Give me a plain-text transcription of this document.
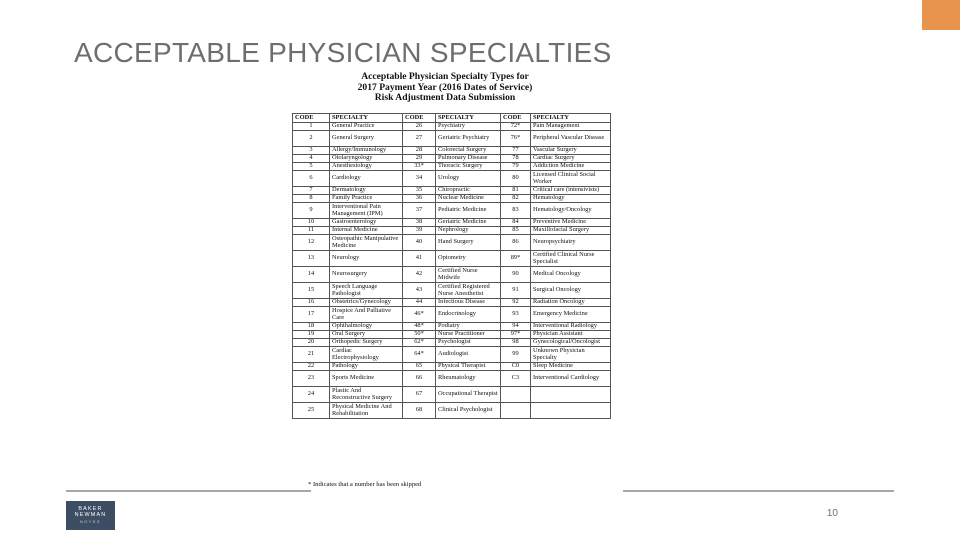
ACCEPTABLE PHYSICIAN SPECIALTIES
Acceptable Physician Specialty Types for
2017 Payment Year (2016 Dates of Service)
Risk Adjustment Data Submission
CODE	SPECIALTY	CODE	SPECIALTY	CODE	SPECIALTY
1	General Practice	26	Psychiatry	72*	Pain Management
2	General Surgery	27	Geriatric Psychiatry	76*	Peripheral Vascular Disease
3	Allergy/Immunology	28	Colorectal Surgery	77	Vascular Surgery
4	Otolaryngology	29	Pulmonary Disease	78	Cardiac Surgery
5	Anesthesiology	33*	Thoracic Surgery	79	Addiction Medicine
6	Cardiology	34	Urology	80	Licensed Clinical Social Worker
7	Dermatology	35	Chiropractic	81	Critical care (intensivists)
8	Family Practice	36	Nuclear Medicine	82	Hematology
9	Interventional Pain Management (IPM)	37	Pediatric Medicine	83	Hematology/Oncology
10	Gastroenterology	38	Geriatric Medicine	84	Preventive Medicine
11	Internal Medicine	39	Nephrology	85	Maxillofacial Surgery
12	Osteopathic Manipulative Medicine	40	Hand Surgery	86	Neuropsychiatry
13	Neurology	41	Optometry	89*	Certified Clinical Nurse Specialist
14	Neurosurgery	42	Certified Nurse Midwife	90	Medical Oncology
15	Speech Language Pathologist	43	Certified Registered Nurse Anesthetist	91	Surgical Oncology
16	Obstetrics/Gynecology	44	Infectious Disease	92	Radiation Oncology
17	Hospice And Palliative Care	46*	Endocrinology	93	Emergency Medicine
18	Ophthalmology	48*	Podiatry	94	Interventional Radiology
19	Oral Surgery	50*	Nurse Practitioner	97*	Physician Assistant
20	Orthopedic Surgery	62*	Psychologist	98	Gynecological/Oncologist
21	Cardiac Electrophysiology	64*	Audiologist	99	Unknown Physician Specialty
22	Pathology	65	Physical Therapist	C0	Sleep Medicine
23	Sports Medicine	66	Rheumatology	C3	Interventional Cardiology
24	Plastic And Reconstructive Surgery	67	Occupational Therapist		
25	Physical Medicine And Rehabilitation	68	Clinical Psychologist		
* Indicates that a number has been skipped
BAKER
NEWMAN
NOYES
10
